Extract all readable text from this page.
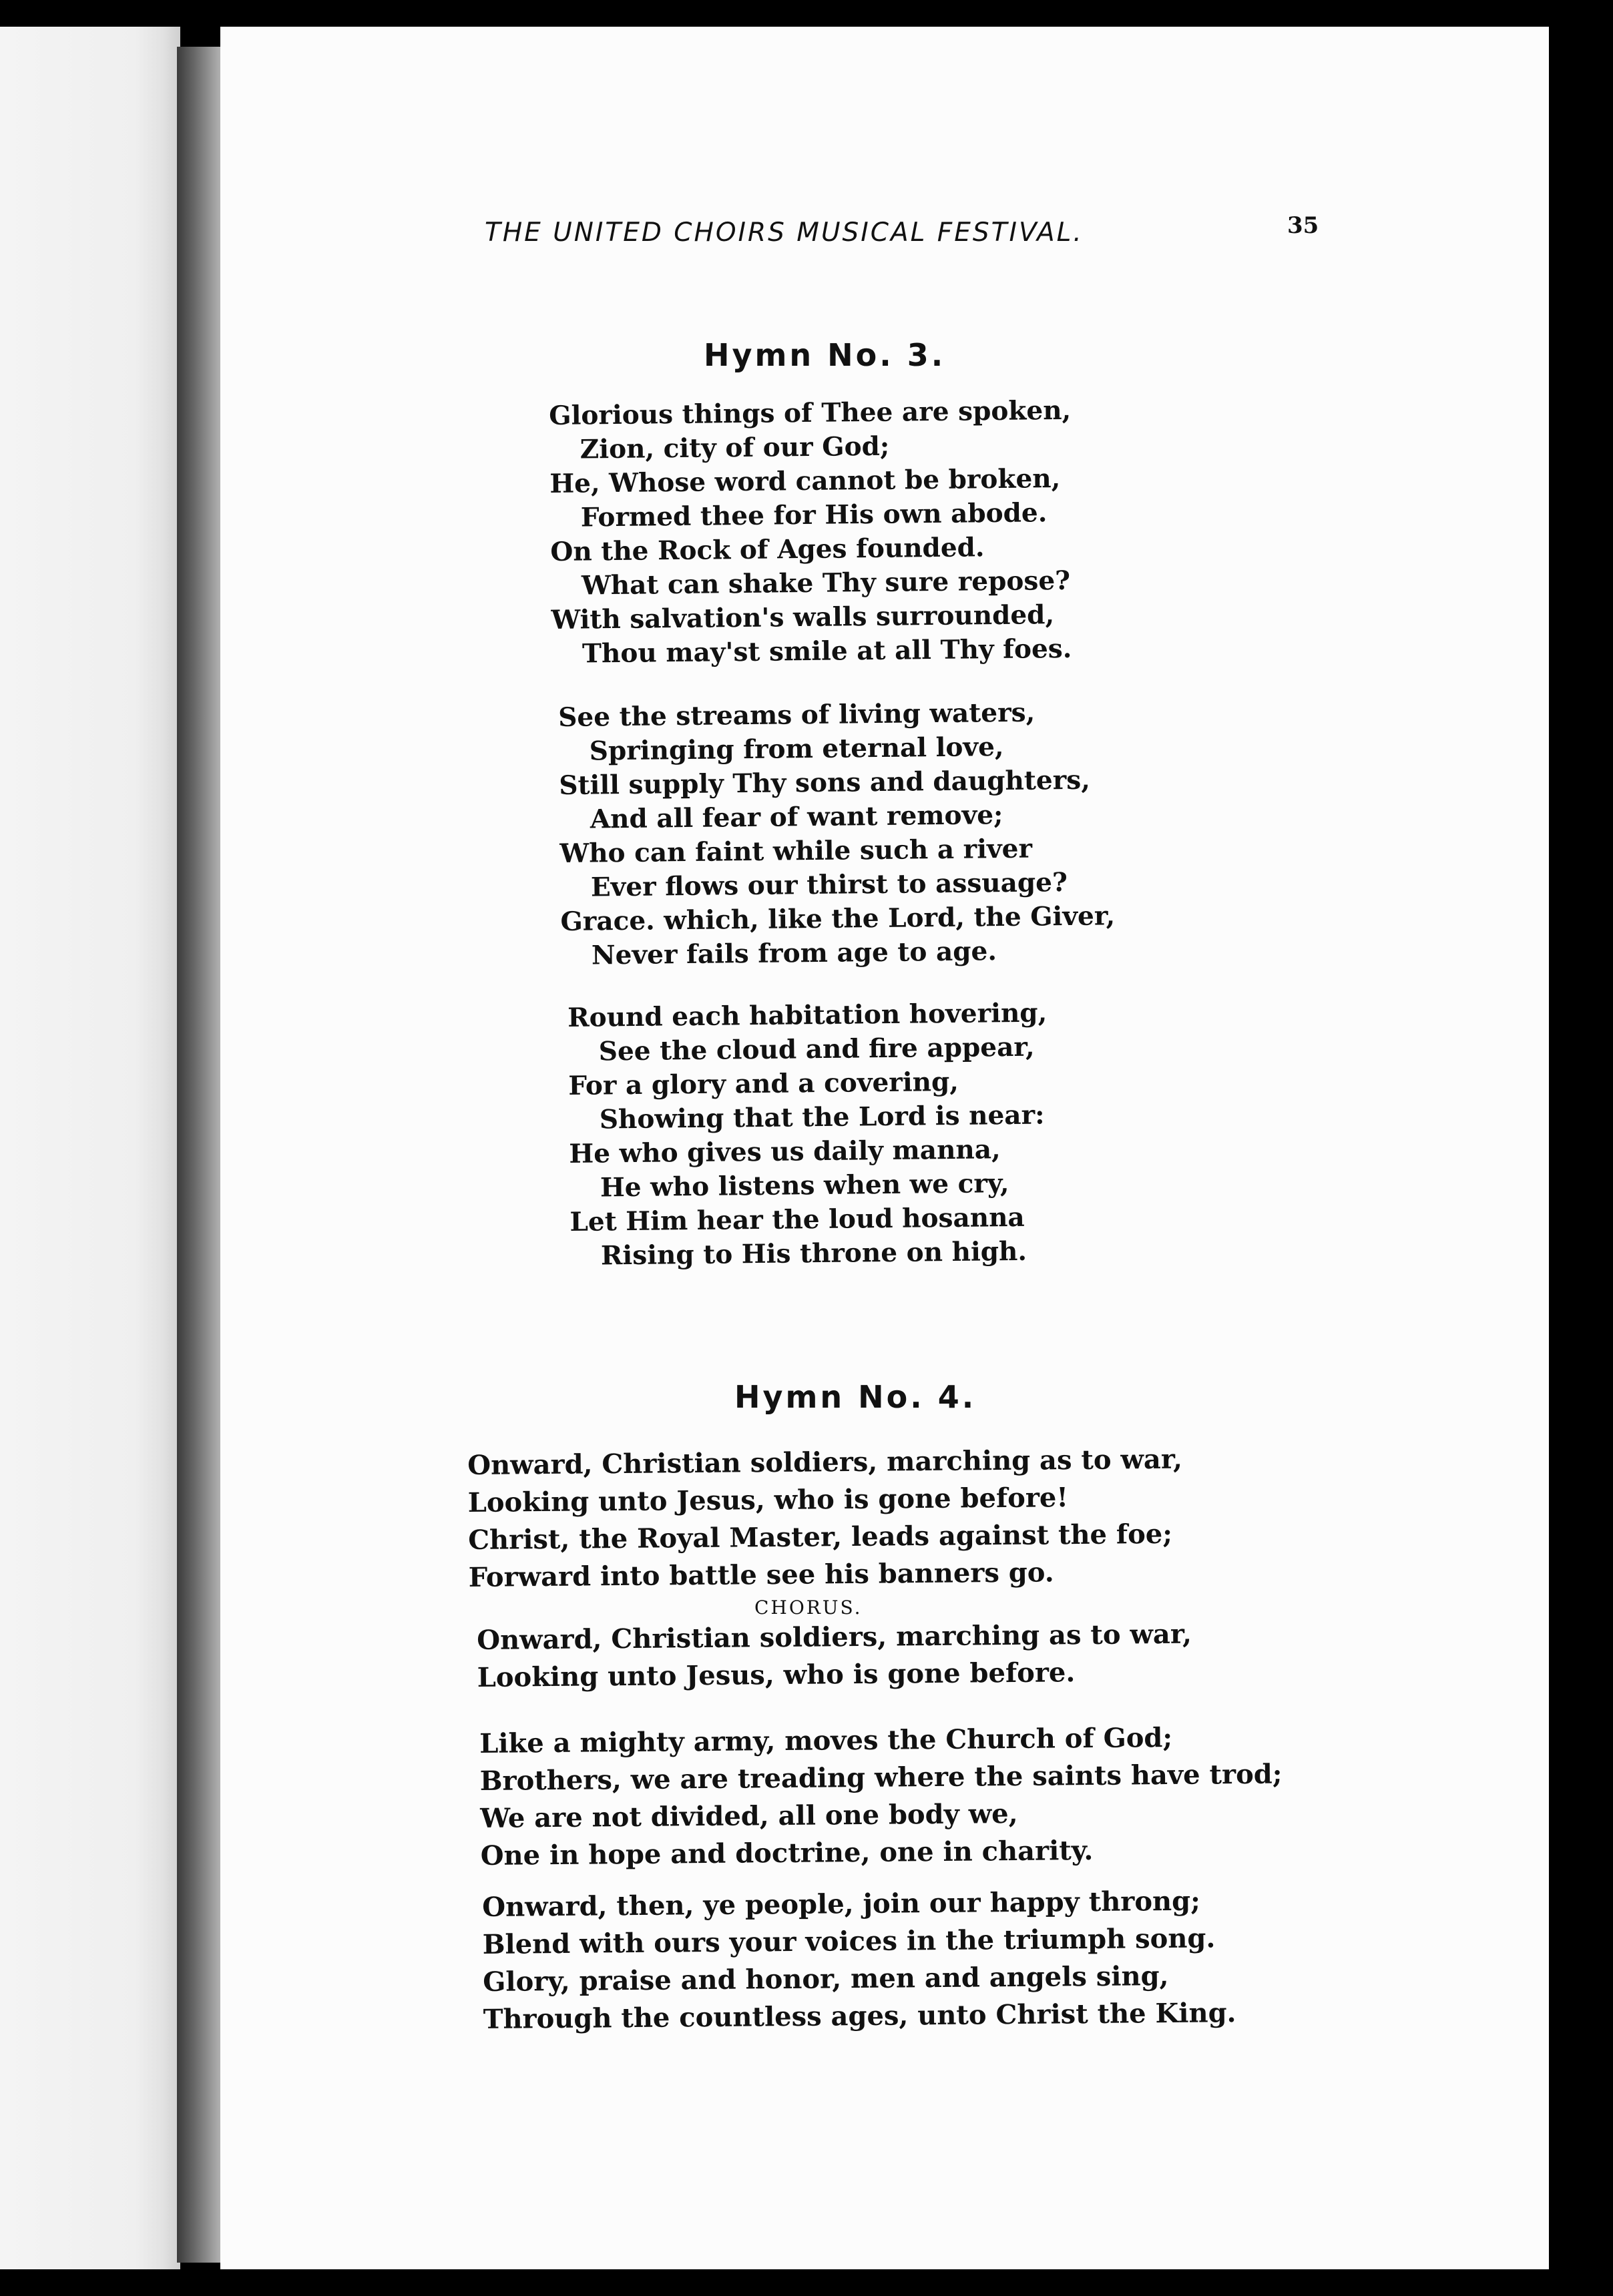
THE UNITED CHOIRS MUSICAL FESTIVAL.	35
Hymn No. 3.
Glorious things of Thee are spoken,
Zion, city of our God;
He, Whose word cannot be broken,
Formed thee for His own abode.
On the Rock of Ages founded.
What can shake Thy sure repose?
With salvation's walls surrounded,
Thou may'st smile at all Thy foes.
See the streams of living waters,
Springing from eternal love,
Still supply Thy sons and daughters,
And all fear of want remove;
Who can faint while such a river
Ever flows our thirst to assuage?
Grace. which, like the Lord, the Giver,
Never fails from age to age.
Round each habitation hovering,
See the cloud and fire appear,
For a glory and a covering,
Showing that the Lord is near:
He who gives us daily manna,
He who listens when we cry,
Let Him hear the loud hosanna
Rising to His throne on high.
Hymn No. 4.
Onward, Christian soldiers, marching as to war,
Looking unto Jesus, who is gone before!
Christ, the Royal Master, leads against the foe;
Forward into battle see his banners go.
CHORUS.
Onward, Christian soldiers, marching as to war,
Looking unto Jesus, who is gone before.
Like a mighty army, moves the Church of God;
Brothers, we are treading where the saints have trod;
We are not divided, all one body we,
One in hope and doctrine, one in charity.
Onward, then, ye people, join our happy throng;
Blend with ours your voices in the triumph song.
Glory, praise and honor, men and angels sing,
Through the countless ages, unto Christ the King.
